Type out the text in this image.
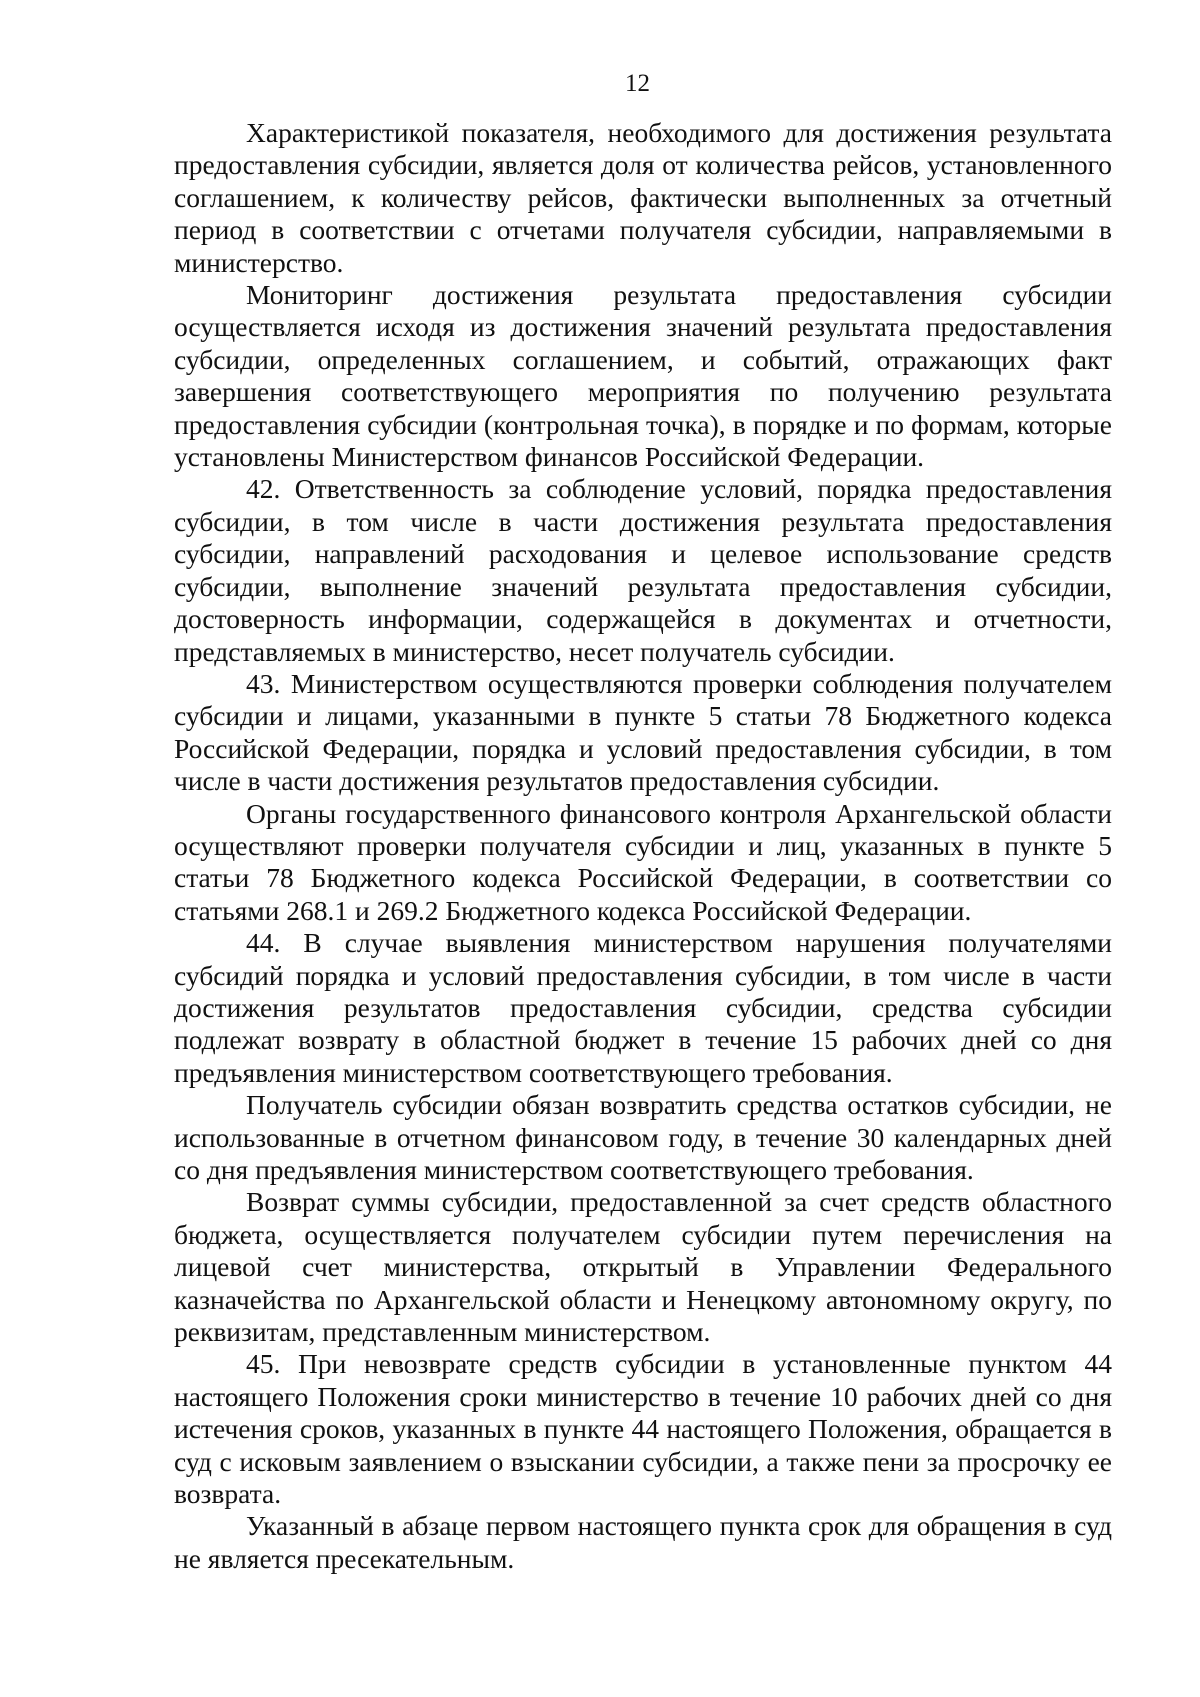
12

Характеристикой показателя, необходимого для достижения результата предоставления субсидии, является доля от количества рейсов, установленного соглашением, к количеству рейсов, фактически выполненных за отчетный период в соответствии с отчетами получателя субсидии, направляемыми в министерство.

Мониторинг достижения результата предоставления субсидии осуществляется исходя из достижения значений результата предоставления субсидии, определенных соглашением, и событий, отражающих факт завершения соответствующего мероприятия по получению результата предоставления субсидии (контрольная точка), в порядке и по формам, которые установлены Министерством финансов Российской Федерации.

42. Ответственность за соблюдение условий, порядка предоставления субсидии, в том числе в части достижения результата предоставления субсидии, направлений расходования и целевое использование средств субсидии, выполнение значений результата предоставления субсидии, достоверность информации, содержащейся в документах и отчетности, представляемых в министерство, несет получатель субсидии.

43. Министерством осуществляются проверки соблюдения получателем субсидии и лицами, указанными в пункте 5 статьи 78 Бюджетного кодекса Российской Федерации, порядка и условий предоставления субсидии, в том числе в части достижения результатов предоставления субсидии.

Органы государственного финансового контроля Архангельской области осуществляют проверки получателя субсидии и лиц, указанных в пункте 5 статьи 78 Бюджетного кодекса Российской Федерации, в соответствии со статьями 268.1 и 269.2 Бюджетного кодекса Российской Федерации.

44. В случае выявления министерством нарушения получателями субсидий порядка и условий предоставления субсидии, в том числе в части достижения результатов предоставления субсидии, средства субсидии подлежат возврату в областной бюджет в течение 15 рабочих дней со дня предъявления министерством соответствующего требования.

Получатель субсидии обязан возвратить средства остатков субсидии, не использованные в отчетном финансовом году, в течение 30 календарных дней со дня предъявления министерством соответствующего требования.

Возврат суммы субсидии, предоставленной за счет средств областного бюджета, осуществляется получателем субсидии путем перечисления на лицевой счет министерства, открытый в Управлении Федерального казначейства по Архангельской области и Ненецкому автономному округу, по реквизитам, представленным министерством.

45. При невозврате средств субсидии в установленные пунктом 44 настоящего Положения сроки министерство в течение 10 рабочих дней со дня истечения сроков, указанных в пункте 44 настоящего Положения, обращается в суд с исковым заявлением о взыскании субсидии, а также пени за просрочку ее возврата.

Указанный в абзаце первом настоящего пункта срок для обращения в суд не является пресекательным.
